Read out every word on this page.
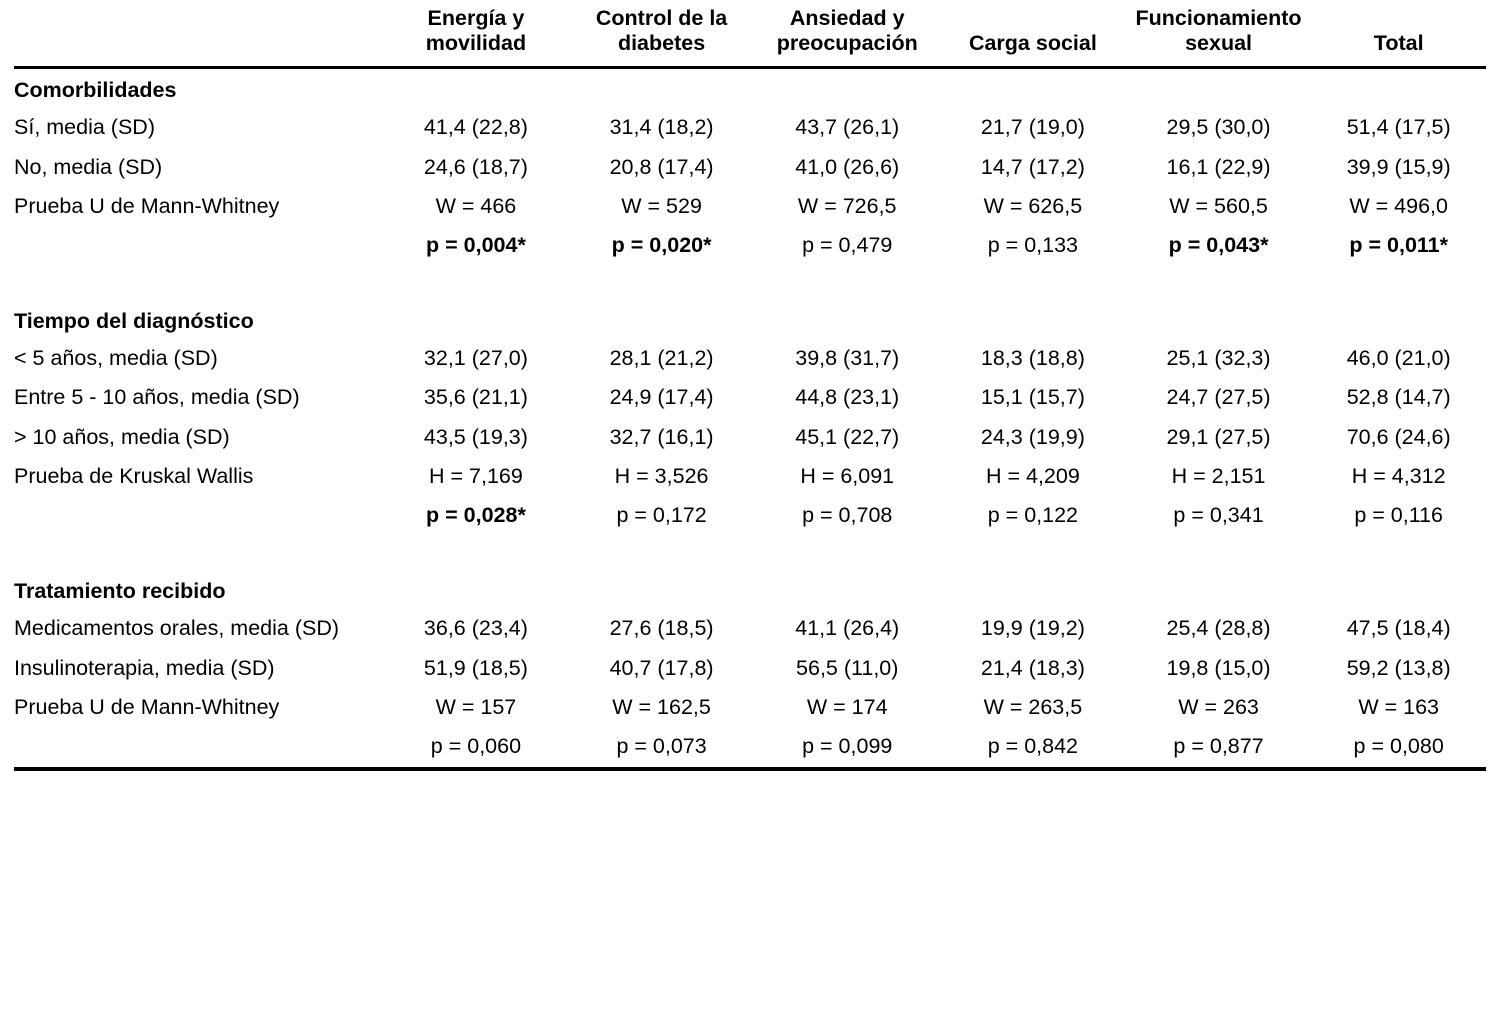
	Energía y movilidad	Control de la diabetes	Ansiedad y preocupación	Carga social	Funcionamiento sexual	Total
Comorbilidades						
Sí, media (SD)	41,4 (22,8)	31,4 (18,2)	43,7 (26,1)	21,7 (19,0)	29,5 (30,0)	51,4 (17,5)
No, media (SD)	24,6 (18,7)	20,8 (17,4)	41,0 (26,6)	14,7 (17,2)	16,1 (22,9)	39,9 (15,9)
Prueba U de Mann-Whitney	W = 466	W = 529	W = 726,5	W = 626,5	W = 560,5	W = 496,0
	p = 0,004*	p = 0,020*	p = 0,479	p = 0,133	p = 0,043*	p = 0,011*

Tiempo del diagnóstico						
< 5 años, media (SD)	32,1 (27,0)	28,1 (21,2)	39,8 (31,7)	18,3 (18,8)	25,1 (32,3)	46,0 (21,0)
Entre 5 - 10 años, media (SD)	35,6 (21,1)	24,9 (17,4)	44,8 (23,1)	15,1 (15,7)	24,7 (27,5)	52,8 (14,7)
> 10 años, media (SD)	43,5 (19,3)	32,7 (16,1)	45,1 (22,7)	24,3 (19,9)	29,1 (27,5)	70,6 (24,6)
Prueba de Kruskal Wallis	H = 7,169	H = 3,526	H = 6,091	H = 4,209	H = 2,151	H = 4,312
	p = 0,028*	p = 0,172	p = 0,708	p = 0,122	p = 0,341	p = 0,116

Tratamiento recibido						
Medicamentos orales, media (SD)	36,6 (23,4)	27,6 (18,5)	41,1 (26,4)	19,9 (19,2)	25,4 (28,8)	47,5 (18,4)
Insulinoterapia, media (SD)	51,9 (18,5)	40,7 (17,8)	56,5 (11,0)	21,4 (18,3)	19,8 (15,0)	59,2 (13,8)
Prueba U de Mann-Whitney	W = 157	W = 162,5	W = 174	W = 263,5	W = 263	W = 163
	p = 0,060	p = 0,073	p = 0,099	p = 0,842	p = 0,877	p = 0,080
